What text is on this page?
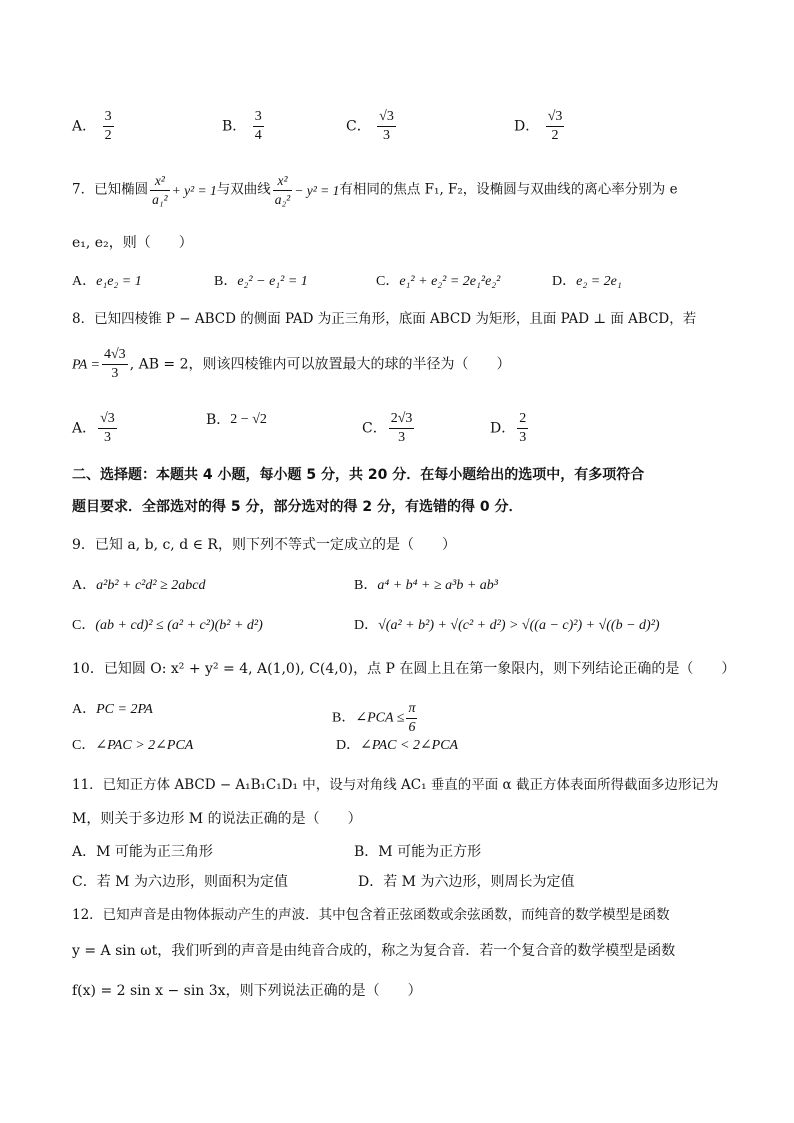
A． $\frac{3}{2}$	B． $\frac{3}{4}$	C． $\frac{√3}{3}$	D． $\frac{√3}{2}$
7．已知椭圆 $\frac{\text{x²}}{\text{a₁²}} + y^2 = 1$与双曲线 $\frac{\text{x²}}{\text{a₂²}} - y^2 = 1$有相同的焦点 F₁, F₂，设椭圆与双曲线的离心率分别为 e
e₁, e₂，则（　　）
A．e₁e₂ = 1	B．e₂² − e₁² = 1	C．e₁² + e₂² = 2e₁²e₂²	D．e₂ = 2e₁
8．已知四棱锥 P − ABCD 的侧面 PAD 为正三角形，底面 ABCD 为矩形，且面 PAD ⊥ 面 ABCD，若
PA = $\frac{4√3}{3}$ , AB = 2，则该四棱锥内可以放置最大的球的半径为（　　）
A． $\frac{√3}{3}$	B．2 − √2
C． $\frac{2√3}{3}$	D． $\frac{2}{3}$
二、选择题：本题共 4 小题，每小题 5 分，共 20 分．在每小题给出的选项中，有多项符合
题目要求．全部选对的得 5 分，部分选对的得 2 分，有选错的得 0 分．
9．已知 a, b, c, d ∈ R，则下列不等式一定成立的是（　　）
A．a²b² + c²d² ≥ 2abcd	B．a⁴ + b⁴ + ≥ a³b + ab³
C．(ab + cd)² ≤ (a² + c²)(b² + d²)	D．√(a² + b²) + √(c² + d²) > √((a − c)²) + √((b − d)²)
10．已知圆 O: x² + y² = 4, A(1,0), C(4,0)，点 P 在圆上且在第一象限内，则下列结论正确的是（　　）
A．PC = 2PA
B．∠PCA ≤ $\frac{\pi}{6}$
C．∠PAC > 2∠PCA	D．∠PAC < 2∠PCA
11．已知正方体 ABCD − A₁B₁C₁D₁ 中，设与对角线 AC₁ 垂直的平面 α 截正方体表面所得截面多边形记为
M，则关于多边形 M 的说法正确的是（　　）
A．M 可能为正三角形	B．M 可能为正方形
C．若 M 为六边形，则面积为定值	D．若 M 为六边形，则周长为定值
12．已知声音是由物体振动产生的声波．其中包含着正弦函数或余弦函数，而纯音的数学模型是函数
y = A sin ωt，我们听到的声音是由纯音合成的，称之为复合音．若一个复合音的数学模型是函数
f(x) = 2 sin x − sin 3x，则下列说法正确的是（　　）
